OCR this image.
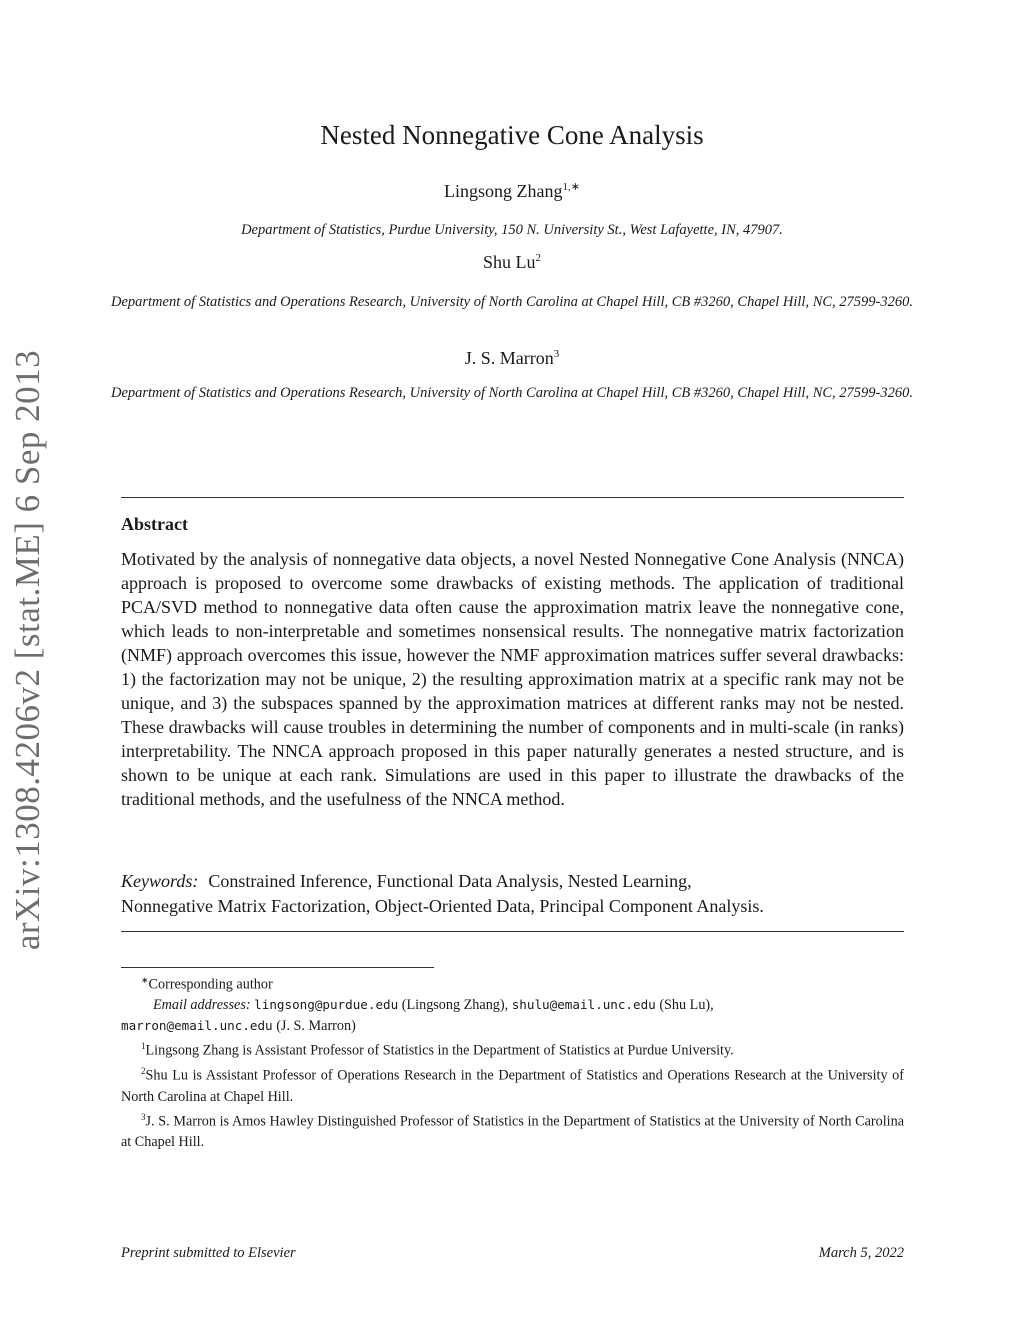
arXiv:1308.4206v2 [stat.ME] 6 Sep 2013
Nested Nonnegative Cone Analysis
Lingsong Zhang$^{1,∗}$
Department of Statistics, Purdue University, 150 N. University St., West Lafayette, IN, 47907.
Shu Lu$^2$
Department of Statistics and Operations Research, University of North Carolina at Chapel Hill, CB #3260, Chapel Hill, NC, 27599-3260.
J. S. Marron$^3$
Department of Statistics and Operations Research, University of North Carolina at Chapel Hill, CB #3260, Chapel Hill, NC, 27599-3260.
Abstract
Motivated by the analysis of nonnegative data objects, a novel Nested Nonnegative Cone Analysis (NNCA) approach is proposed to overcome some drawbacks of existing methods. The application of traditional PCA/SVD method to nonnegative data often cause the approximation matrix leave the nonnegative cone, which leads to non-interpretable and sometimes nonsensical results. The nonnegative matrix factorization (NMF) approach overcomes this issue, however the NMF approximation matrices suffer several drawbacks: 1) the factorization may not be unique, 2) the resulting approximation matrix at a specific rank may not be unique, and 3) the subspaces spanned by the approximation matrices at different ranks may not be nested. These drawbacks will cause troubles in determining the number of components and in multi-scale (in ranks) interpretability. The NNCA approach proposed in this paper naturally generates a nested structure, and is shown to be unique at each rank. Simulations are used in this paper to illustrate the drawbacks of the traditional methods, and the usefulness of the NNCA method.
Keywords: Constrained Inference, Functional Data Analysis, Nested Learning,
Nonnegative Matrix Factorization, Object-Oriented Data, Principal Component Analysis.

∗Corresponding author

Email addresses: lingsong@purdue.edu (Lingsong Zhang), shulu@email.unc.edu (Shu Lu),

marron@email.unc.edu (J. S. Marron)

$^1$Lingsong Zhang is Assistant Professor of Statistics in the Department of Statistics at Purdue University.

$^2$Shu Lu is Assistant Professor of Operations Research in the Department of Statistics and Operations Research at the University of North Carolina at Chapel Hill.

$^3$J. S. Marron is Amos Hawley Distinguished Professor of Statistics in the Department of Statistics at the University of North Carolina at Chapel Hill.

Preprint submitted to Elsevier	March 5, 2022
